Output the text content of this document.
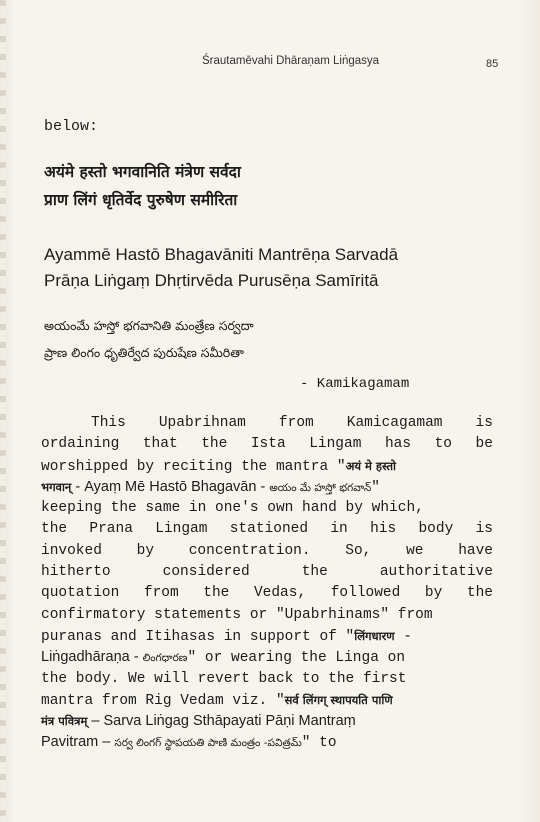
Śrautamēvahi Dhāraṇam Liṅgasya	85
below:
अयंमे हस्तो भगवानिति मंत्रेण सर्वदा
प्राण लिंगं धृतिर्वेद पुरुषेण समीरिता
Ayammē Hastō Bhagavāniti Mantrēṇa Sarvadā
Prāṇa Liṅgaṃ Dhṛtirvēda Purusēṇa Samīritā
అయంమే హస్తో భగవానితి మంత్రేణ సర్వదా
ప్రాణ లింగం ధృతిర్వేద పురుషేణ సమీరితా
- Kamikagamam
This Upabrihnam from Kamicagamam is
ordaining that the Ista Lingam has to be
worshipped by reciting the mantra "अयं मे हस्तो
भगवान् - Ayaṃ Mē Hastō Bhagavān - అయం మే హస్తో భగవాన్"
keeping the same in one's own hand by which,
the Prana Lingam stationed in his body is
invoked by concentration. So, we have
hitherto	considered	the	authoritative
quotation from the Vedas, followed by the
confirmatory statements or "Upabrhinams" from
puranas and Itihasas in support of "लिंगधारण -
Liṅgadhāraṇa - లింగధారణ" or wearing the Linga on
the body. We will revert back to the first
mantra from Rig Vedam viz. "सर्व लिंगग् स्थापयति पाणि
मंत्र पवित्रम् – Sarva Liṅgag Sthāpayati Pāṇi Mantraṃ
Pavitram – సర్వ లింగగ్ స్థాపయతి పాణి మంత్రం -పవిత్రమ్" to
